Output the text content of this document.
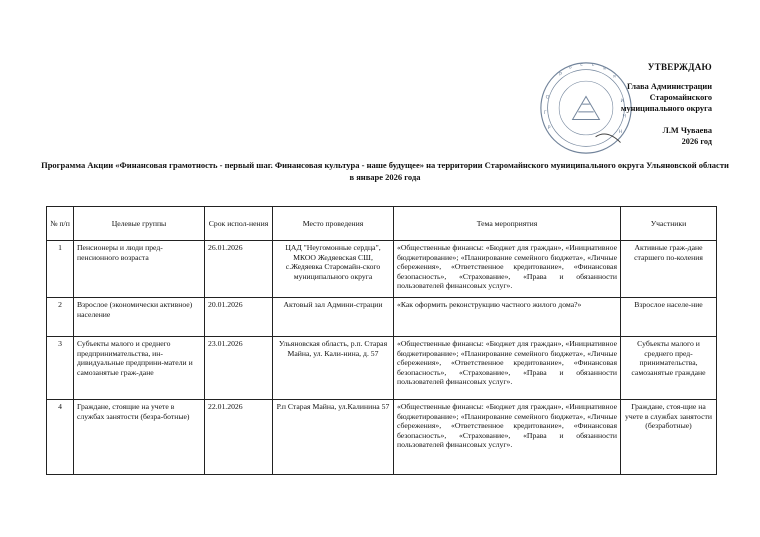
Р
о
с с
и
я
О
Г
Р
И
Н
Н
УТВЕРЖДАЮ
Глава Администрации
Старомайнского
муниципального округа
Л.М Чуваева
2026 год
Программа Акции «Финансовая грамотность - первый шаг. Финансовая культура - наше будущее» на территории Старомайнского муниципального округа Ульяновской области в январе 2026 года
№ п/п	Целевые группы	Срок испол-нения	Место проведения	Тема мероприятия	Участники
1	Пенсионеры и люди пред-пенсионного возраста	26.01.2026	ЦАД "Неугомонные сердца", МКОО Жедяевская СШ, с.Жедяевка Старомайн-ского муниципального округа	«Общественные финансы: «Бюджет для граждан», «Инициативное бюджетирование»; «Планирование семейного бюджета», «Личные сбережения», «Ответственное кредитование», «Финансовая безопасность», «Страхование», «Права и обязанности пользователей финансовых услуг».	Активные граж-дане старшего по-коления
2	Взрослое (экономически активное) население	20.01.2026	Актовый зал Админи-страции	«Как оформить реконструкцию частного жилого дома?»	Взрослое населе-ние
3	Субъекты малого и среднего предпринимательства, ин-дивидуальные предприни-матели и самозанятые граж-дане	23.01.2026	Ульяновская область, р.п. Старая Майна, ул. Кали-нина, д. 57	«Общественные финансы: «Бюджет для граждан», «Инициативное бюджетирование»; «Планирование семейного бюджета», «Личные сбережения», «Ответственное кредитование», «Финансовая безопасность», «Страхование», «Права и обязанности пользователей финансовых услуг».	Субъекты малого и среднего пред-принимательства, самозанятые граждане
4	Граждане, стоящие на учете в службах занятости (безра-ботные)	22.01.2026	Р.п Старая Майна, ул.Калинина 57	«Общественные финансы: «Бюджет для граждан», «Инициативное бюджетирование»; «Планирование семейного бюджета», «Личные сбережения», «Ответственное кредитование», «Финансовая безопасность», «Страхование», «Права и обязанности пользователей финансовых услуг».	Граждане, стоя-щие на учете в службах занятости (безработные)
